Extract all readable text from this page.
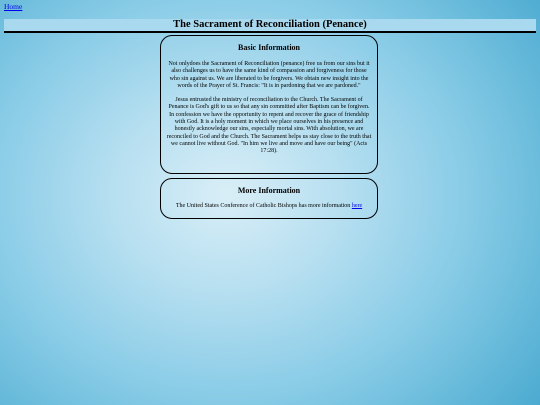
Home
The Sacrament of Reconciliation (Penance)
Basic Information

Not onlydoes the Sacrament of Reconciliation (penance) free us from our sins but it also challenges us to have the same kind of compassion and forgiveness for those who sin against us. We are liberated to be forgivers. We obtain new insight into the words of the Prayer of St. Francis: "It is in pardoning that we are pardoned."

Jesus entrusted the ministry of reconciliation to the Church. The Sacrament of Penance is God's gift to us so that any sin committed after Baptism can be forgiven. In confession we have the opportunity to repent and recover the grace of friendship with God. It is a holy moment in which we place ourselves in his presence and honestly acknowledge our sins, especially mortal sins. With absolution, we are reconciled to God and the Church. The Sacrament helps us stay close to the truth that we cannot live without God. "In him we live and move and have our being" (Acts 17:28).

More Information

The United States Conference of Catholic Bishops has more information here
